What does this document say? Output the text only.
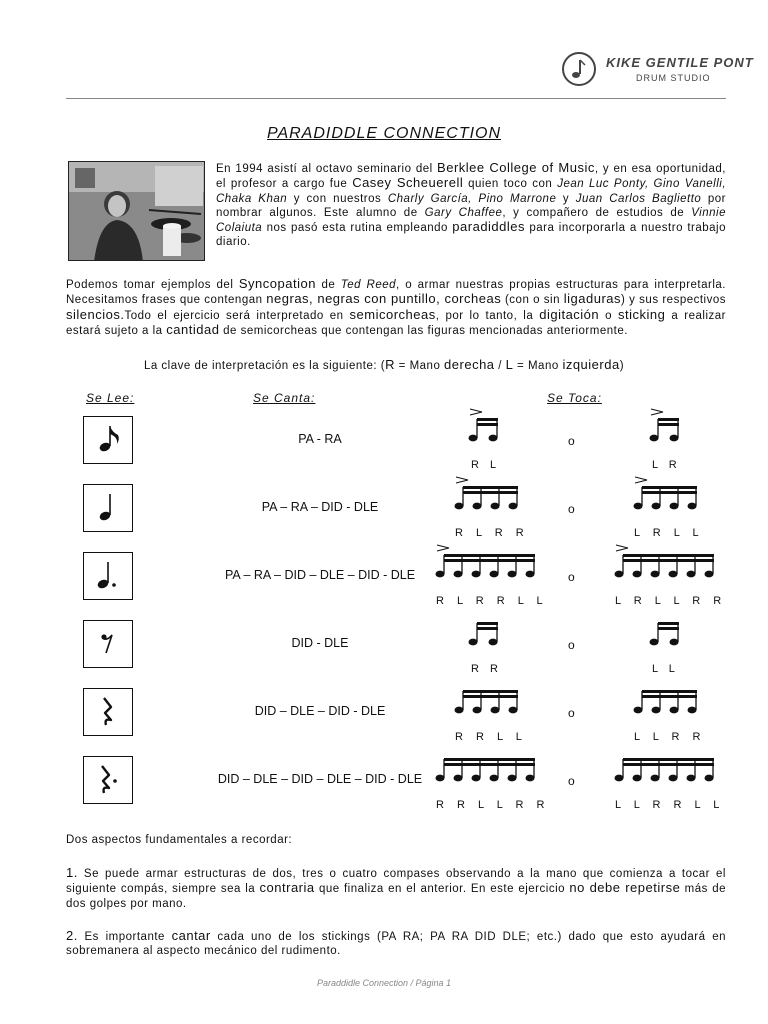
KIKE GENTILE PONT
DRUM STUDIO
PARADIDDLE CONNECTION
En 1994 asistí al octavo seminario del Berklee College of Music, y en esa oportunidad, el profesor a cargo fue Casey Scheuerell quien toco con Jean Luc Ponty, Gino Vanelli, Chaka Khan y con nuestros Charly García, Pino Marrone y Juan Carlos Baglietto por nombrar algunos. Este alumno de Gary Chaffee, y compañero de estudios de Vinnie Colaiuta nos pasó esta rutina empleando paradiddles para incorporarla a nuestro trabajo diario.
Podemos tomar ejemplos del Syncopation de Ted Reed, o armar nuestras propias estructuras para interpretarla. Necesitamos frases que contengan negras, negras con puntillo, corcheas (con o sin ligaduras) y sus respectivos silencios.Todo el ejercicio será interpretado en semicorcheas, por lo tanto, la digitación o sticking a realizar estará sujeto a la cantidad de semicorcheas que contengan las figuras mencionadas anteriormente.
La clave de interpretación es la siguiente: (R = Mano derecha / L = Mano izquierda)
Se Lee:	Se Canta:	Se Toca:
PA - RA
R L
o
L R
PA – RA – DID - DLE
R L R R
o
L R L L
PA – RA – DID – DLE – DID - DLE
R L R R L L
o
L R L L R R
DID - DLE
R R
o
L L
DID – DLE – DID - DLE
R R L L
o
L L R R
DID – DLE – DID – DLE – DID - DLE
R R L L R R
o
L L R R L L
Dos aspectos fundamentales a recordar:
1. Se puede armar estructuras de dos, tres o cuatro compases observando a la mano que comienza a tocar el siguiente compás, siempre sea la contraria que finaliza en el anterior. En este ejercicio no debe repetirse más de dos golpes por mano.
2. Es importante cantar cada uno de los stickings (PA RA; PA RA DID DLE; etc.) dado que esto ayudará en sobremanera al aspecto mecánico del rudimento.
Paraddidle Connection / Página 1
